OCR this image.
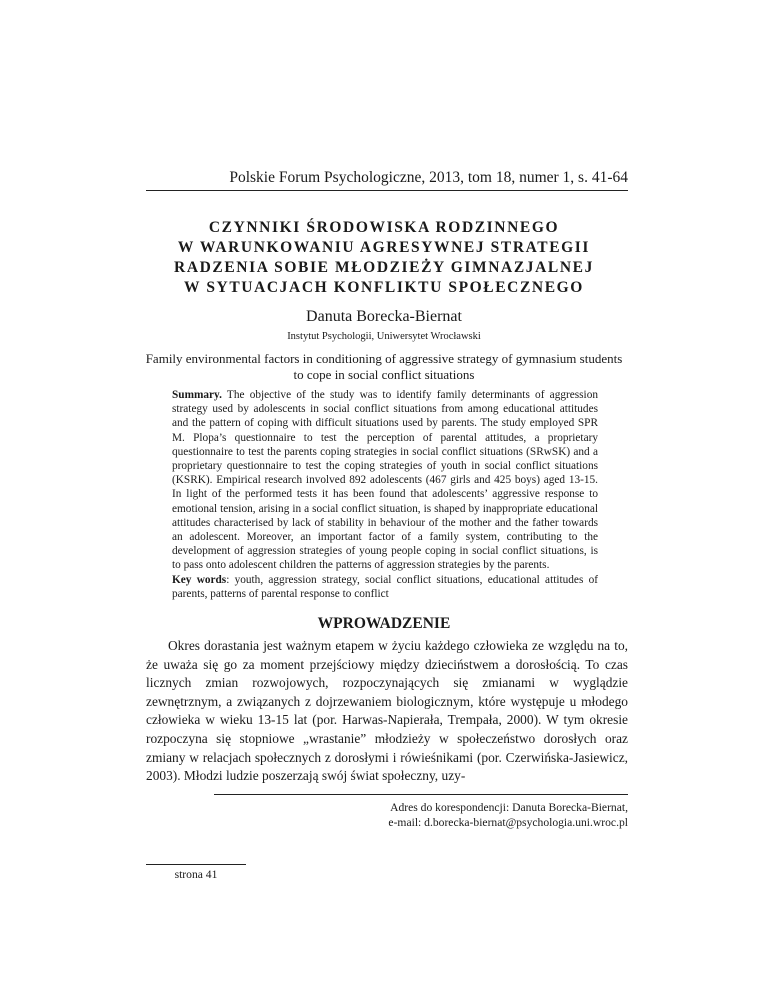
Polskie Forum Psychologiczne, 2013, tom 18, numer 1, s. 41-64
CZYNNIKI ŚRODOWISKA RODZINNEGO
W WARUNKOWANIU AGRESYWNEJ STRATEGII
RADZENIA SOBIE MŁODZIEŻY GIMNAZJALNEJ
W SYTUACJACH KONFLIKTU SPOŁECZNEGO
Danuta Borecka-Biernat
Instytut Psychologii, Uniwersytet Wrocławski
Family environmental factors in conditioning of aggressive strategy of gymnasium students to cope in social conflict situations
Summary. The objective of the study was to identify family determinants of aggression strategy used by adolescents in social conflict situations from among educational attitudes and the pattern of coping with difficult situations used by parents. The study employed SPR M. Plopa’s questionnaire to test the perception of parental attitudes, a proprietary questionnaire to test the parents coping strategies in social conflict situations (SRwSK) and a proprietary questionnaire to test the coping strategies of youth in social conflict situations (KSRK). Empirical research involved 892 adolescents (467 girls and 425 boys) aged 13-15. In light of the performed tests it has been found that adolescents’ aggressive response to emotional tension, arising in a social conflict situation, is shaped by inappropriate educational attitudes characterised by lack of stability in behaviour of the mother and the father towards an adolescent. Moreover, an important factor of a family system, contributing to the development of aggression strategies of young people coping in social conflict situations, is to pass onto adolescent children the patterns of aggression strategies by the parents.
Key words: youth, aggression strategy, social conflict situations, educational attitudes of parents, patterns of parental response to conflict
WPROWADZENIE

Okres dorastania jest ważnym etapem w życiu każdego człowieka ze względu na to, że uważa się go za moment przejściowy między dzieciństwem a dorosłością. To czas licznych zmian rozwojowych, rozpoczynających się zmianami w wyglądzie zewnętrznym, a związanych z dojrzewaniem biologicznym, które występuje u młodego człowieka w wieku 13-15 lat (por. Harwas-Napierała, Trempała, 2000). W tym okresie rozpoczyna się stopniowe „wrastanie” młodzieży w społeczeństwo dorosłych oraz zmiany w relacjach społecznych z dorosłymi i rówieśnikami (por. Czerwińska-Jasiewicz, 2003). Młodzi ludzie poszerzają swój świat społeczny, uzy-

Adres do korespondencji: Danuta Borecka-Biernat,
e-mail: d.borecka-biernat@psychologia.uni.wroc.pl
strona 41
